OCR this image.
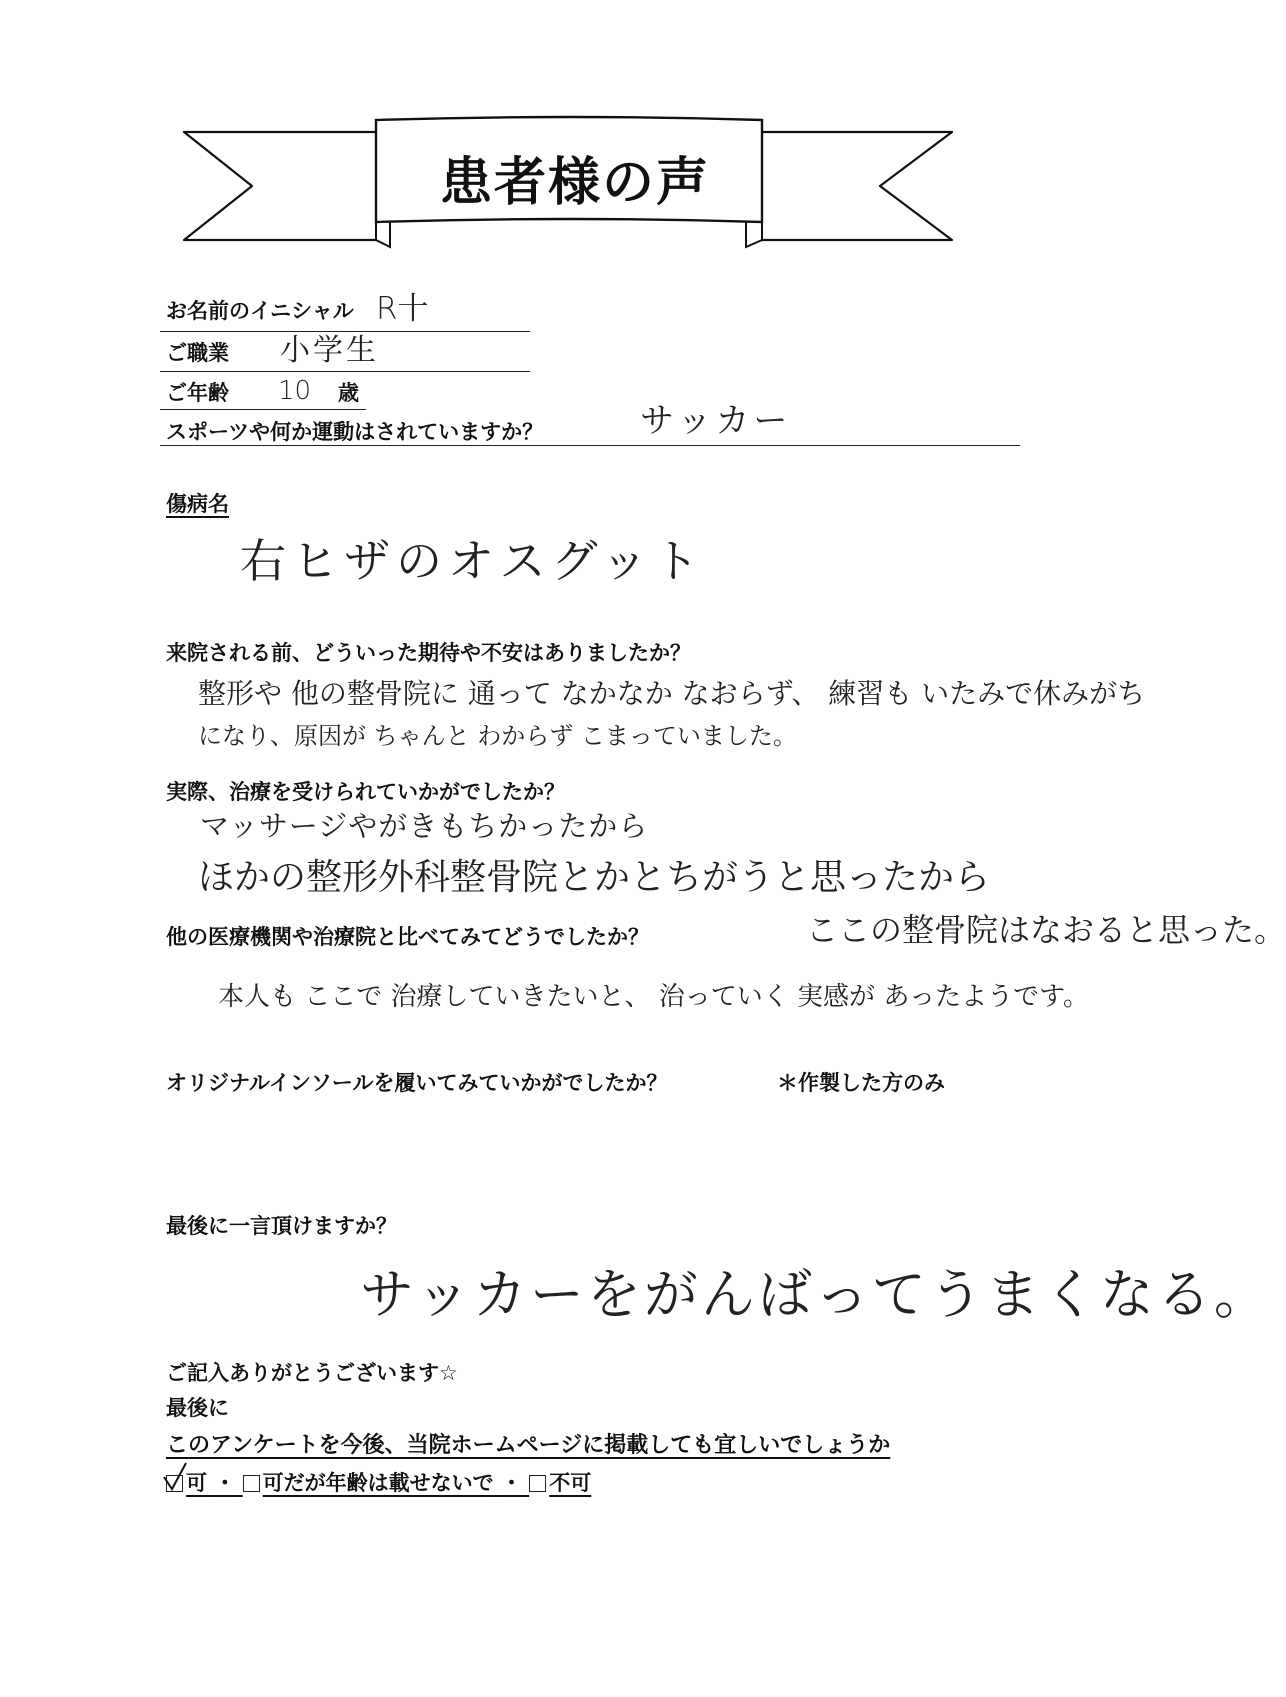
患者様の声
お名前のイニシャル R十
ご職業 小学生
ご年齢 10 歳
スポーツや何か運動はされていますか？	サッカー
傷病名
右ヒザのオスグット
来院される前、どういった期待や不安はありましたか？
整形や 他の整骨院に 通って なかなか なおらず、 練習も いたみで休みがち
になり、原因が ちゃんと わからず こまっていました。
実際、治療を受けられていかがでしたか？
マッサージやがきもちかったから
ほかの整形外科整骨院とかとちがうと思ったから
ここの整骨院はなおると思った。
他の医療機関や治療院と比べてみてどうでしたか？
本人も ここで 治療していきたいと、 治っていく 実感が あったようです。
オリジナルインソールを履いてみていかがでしたか？	＊作製した方のみ
最後に一言頂けますか？
サッカーをがんばってうまくなる。
ご記入ありがとうございます☆
最後に
このアンケートを今後、当院ホームページに掲載しても宜しいでしょうか
可 ・ 可だが年齢は載せないで ・ 不可
